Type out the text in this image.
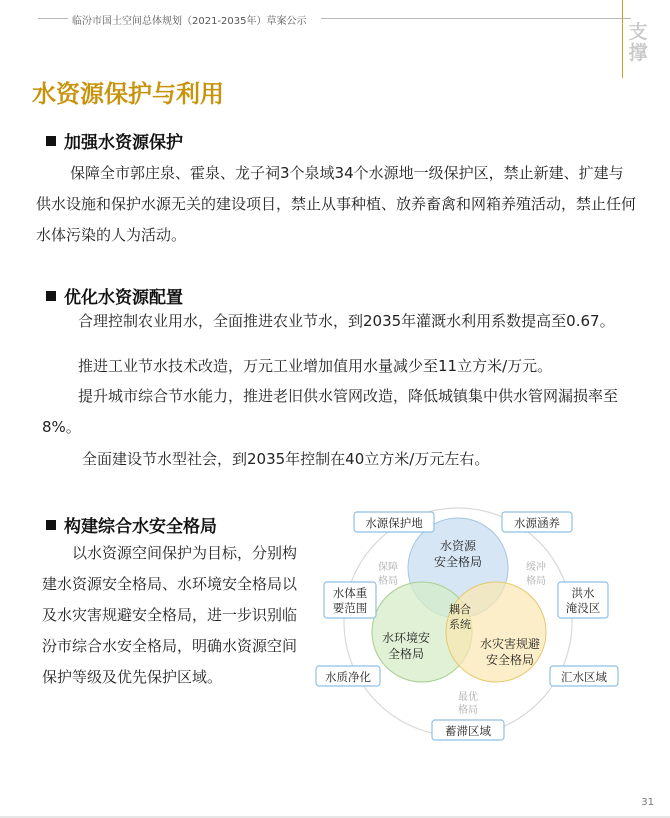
临汾市国土空间总体规划（2021-2035年）草案公示	支撑
水资源保护与利用
加强水资源保护
保障全市郭庄泉、霍泉、龙子祠3个泉域34个水源地一级保护区，禁止新建、扩建与供水设施和保护水源无关的建设项目，禁止从事种植、放养畜禽和网箱养殖活动，禁止任何水体污染的人为活动。
优化水资源配置
合理控制农业用水，全面推进农业节水，到2035年灌溉水利用系数提高至0.67。
推进工业节水技术改造，万元工业增加值用水量减少至11立方米/万元。
提升城市综合节水能力，推进老旧供水管网改造，降低城镇集中供水管网漏损率至8%。
全面建设节水型社会，到2035年控制在40立方米/万元左右。
构建综合水安全格局
以水资源空间保护为目标，分别构建水资源安全格局、水环境安全格局以及水灾害规避安全格局，进一步识别临汾市综合水安全格局，明确水资源空间保护等级及优先保护区域。
水资源
安全格局
水环境安
全格局
水灾害规避
安全格局
耦合
系统
保障
格局
缓冲
格局
最优
格局
水源保护地	水源涵养
水体重
要范围
洪水
淹没区
水质净化	汇水区域
蓄滞区域
31
